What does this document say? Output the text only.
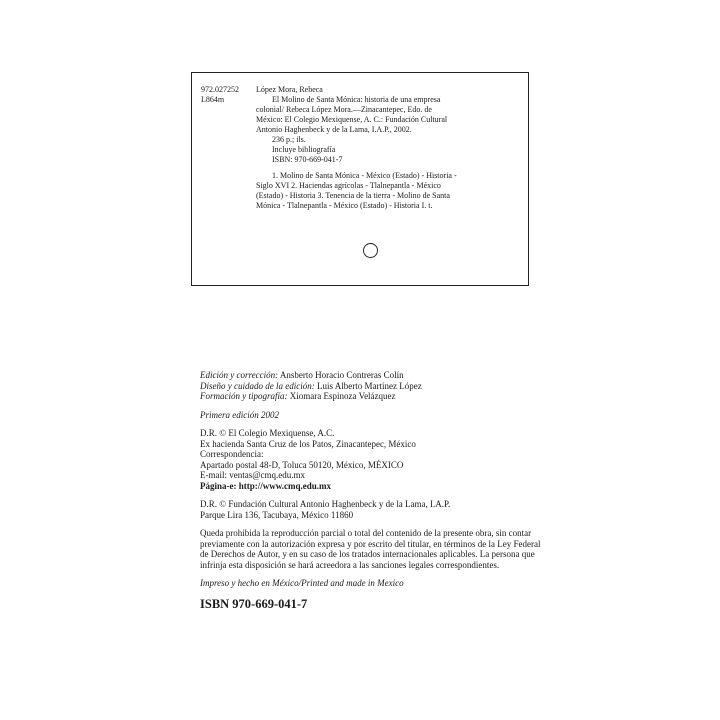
972.027252
L864m
López Mora, Rebeca
El Molino de Santa Mónica: historia de una empresa
colonial/ Rebeca López Mora.—Zinacantepec, Edo. de
México: El Colegio Mexiquense, A. C.: Fundación Cultural
Antonio Haghenbeck y de la Lama, I.A.P., 2002.
236 p.; ils.
Incluye bibliografía
ISBN: 970-669-041-7
1. Molino de Santa Mónica - México (Estado) - Historia -
Siglo XVI 2. Haciendas agrícolas - Tlalnepantla - México
(Estado) - Historia 3. Tenencia de la tierra - Molino de Santa
Mónica - Tlalnepantla - México (Estado) - Historia I. t.
Edición y corrección: Ansberto Horacio Contreras Colín
Diseño y cuidado de la edición: Luis Alberto Martínez López
Formación y tipografía: Xiomara Espinoza Velázquez
Primera edición 2002
D.R. © El Colegio Mexiquense, A.C.
Ex hacienda Santa Cruz de los Patos, Zinacantepec, México
Correspondencia:
Apartado postal 48-D, Toluca 50120, México, MÉXICO
E-mail: ventas@cmq.edu.mx
Página-e: http://www.cmq.edu.mx
D.R. © Fundación Cultural Antonio Haghenbeck y de la Lama, I.A.P.
Parque Lira 136, Tacubaya, México 11860
Queda prohibida la reproducción parcial o total del contenido de la presente obra, sin contar
previamente con la autorización expresa y por escrito del titular, en términos de la Ley Federal
de Derechos de Autor, y en su caso de los tratados internacionales aplicables. La persona que
infrinja esta disposición se hará acreedora a las sanciones legales correspondientes.
Impreso y hecho en México/Printed and made in Mexico
ISBN 970-669-041-7
